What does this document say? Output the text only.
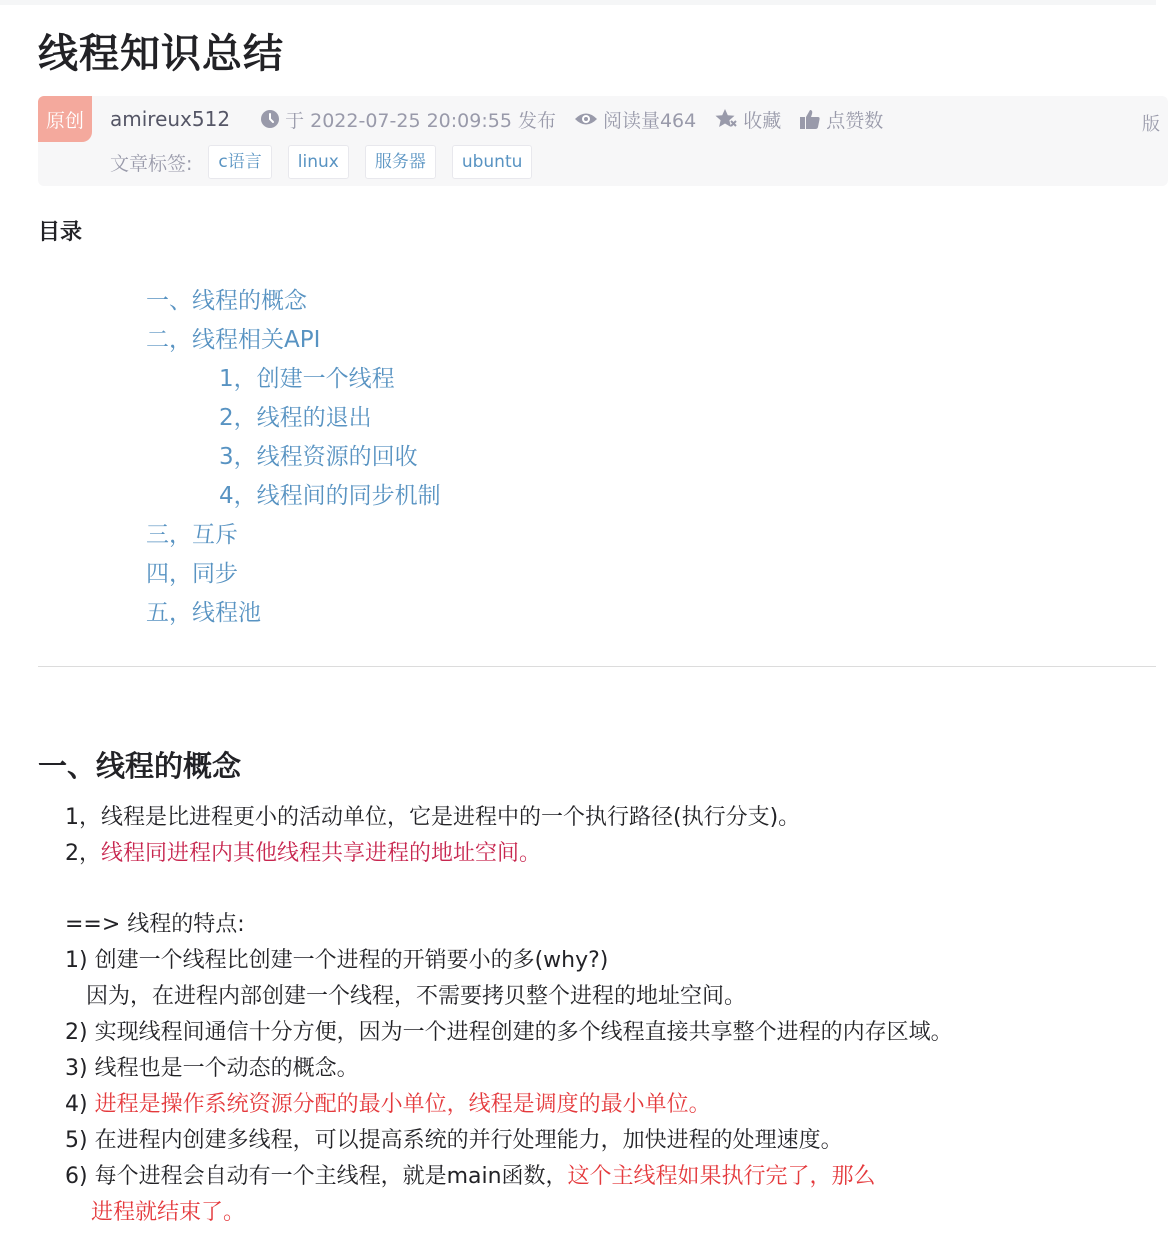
线程知识总结
原创	amireux512	于 2022-07-25 20:09:55 发布 阅读量464 收藏 点赞数
文章标签:	c语言	linux	服务器	ubuntu
版
目录
一、线程的概念
二，线程相关API
1，创建一个线程
2，线程的退出
3，线程资源的回收
4，线程间的同步机制
三，互斥
四，同步
五，线程池
一、线程的概念
1，线程是比进程更小的活动单位，它是进程中的一个执行路径(执行分支)。
2，线程同进程内其他线程共享进程的地址空间。
==> 线程的特点:
1) 创建一个线程比创建一个进程的开销要小的多(why?)
因为，在进程内部创建一个线程，不需要拷贝整个进程的地址空间。
2) 实现线程间通信十分方便，因为一个进程创建的多个线程直接共享整个进程的内存区域。
3) 线程也是一个动态的概念。
4) 进程是操作系统资源分配的最小单位，线程是调度的最小单位。
5) 在进程内创建多线程，可以提高系统的并行处理能力，加快进程的处理速度。
6) 每个进程会自动有一个主线程，就是main函数，这个主线程如果执行完了，那么
进程就结束了。
